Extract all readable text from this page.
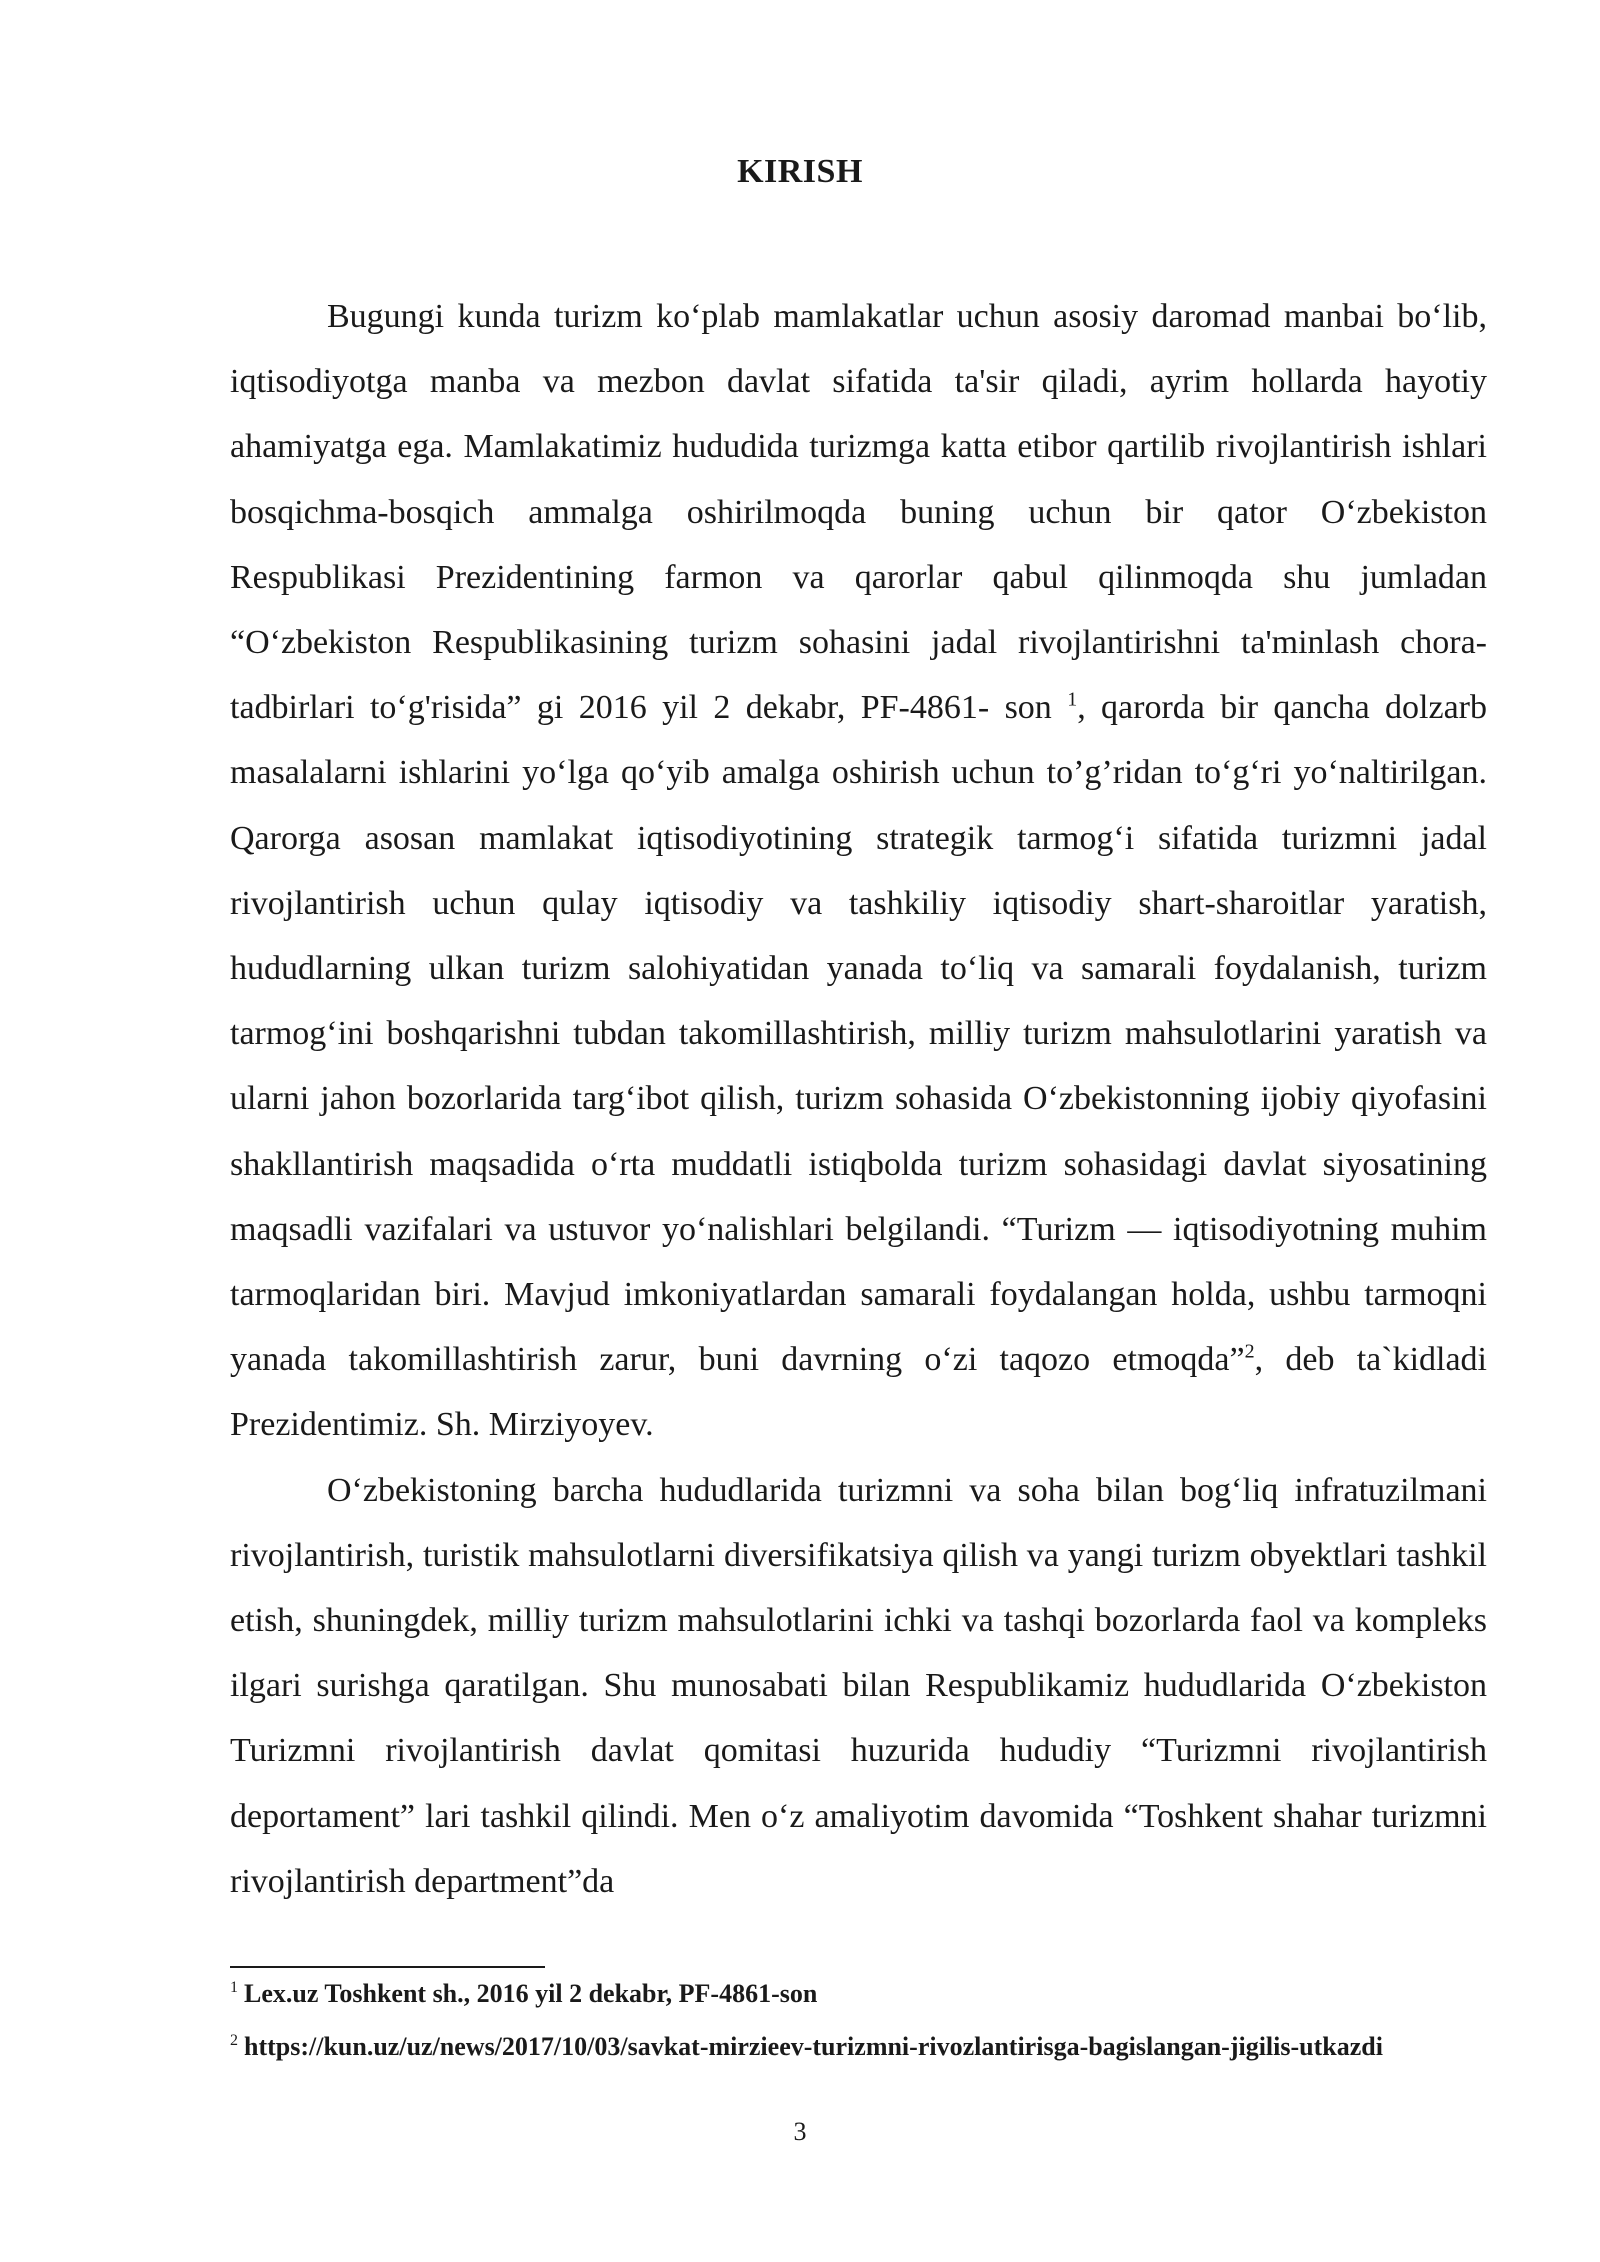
KIRISH

Bugungi kunda turizm ko‘plab mamlakatlar uchun asosiy daromad manbai bo‘lib, iqtisodiyotga manba va mezbon davlat sifatida ta'sir qiladi, ayrim hollarda hayotiy ahamiyatga ega. Mamlakatimiz hududida turizmga katta etibor qartilib rivojlantirish ishlari bosqichma-bosqich ammalga oshirilmoqda buning uchun bir qator O‘zbekiston Respublikasi Prezidentining farmon va qarorlar qabul qilinmoqda shu jumladan “O‘zbekiston Respublikasining turizm sohasini jadal rivojlantirishni ta'minlash chora-tadbirlari to‘g'risida” gi 2016 yil 2 dekabr, PF-4861- son $^1$, qarorda bir qancha dolzarb masalalarni ishlarini yo‘lga qo‘yib amalga oshirish uchun to’g’ridan to‘g‘ri yo‘naltirilgan. Qarorga asosan mamlakat iqtisodiyotining strategik tarmog‘i sifatida turizmni jadal rivojlantirish uchun qulay iqtisodiy va tashkiliy iqtisodiy shart-sharoitlar yaratish, hududlarning ulkan turizm salohiyatidan yanada to‘liq va samarali foydalanish, turizm tarmog‘ini boshqarishni tubdan takomillashtirish, milliy turizm mahsulotlarini yaratish va ularni jahon bozorlarida targ‘ibot qilish, turizm sohasida O‘zbekistonning ijobiy qiyofasini shakllantirish maqsadida o‘rta muddatli istiqbolda turizm sohasidagi davlat siyosatining maqsadli vazifalari va ustuvor yo‘nalishlari belgilandi. “Turizm — iqtisodiyotning muhim tarmoqlaridan biri. Mavjud imkoniyatlardan samarali foydalangan holda, ushbu tarmoqni yanada takomillashtirish zarur, buni davrning o‘zi taqozo etmoqda”$^2$, deb ta`kidladi Prezidentimiz. Sh. Mirziyoyev.

O‘zbekistoning barcha hududlarida turizmni va soha bilan bog‘liq infratuzilmani rivojlantirish, turistik mahsulotlarni diversifikatsiya qilish va yangi turizm obyektlari tashkil etish, shuningdek, milliy turizm mahsulotlarini ichki va tashqi bozorlarda faol va kompleks ilgari surishga qaratilgan. Shu munosabati bilan Respublikamiz hududlarida O‘zbekiston Turizmni rivojlantirish davlat qomitasi huzurida hududiy “Turizmni rivojlantirish deportament” lari tashkil qilindi. Men o‘z amaliyotim davomida “Toshkent shahar turizmni rivojlantirish department”da

$^1$ Lex.uz Toshkent sh., 2016 yil 2 dekabr, PF-4861-son

$^2$ https://kun.uz/uz/news/2017/10/03/savkat-mirzieev-turizmni-rivozlantirisga-bagislangan-jigilis-utkazdi

3
